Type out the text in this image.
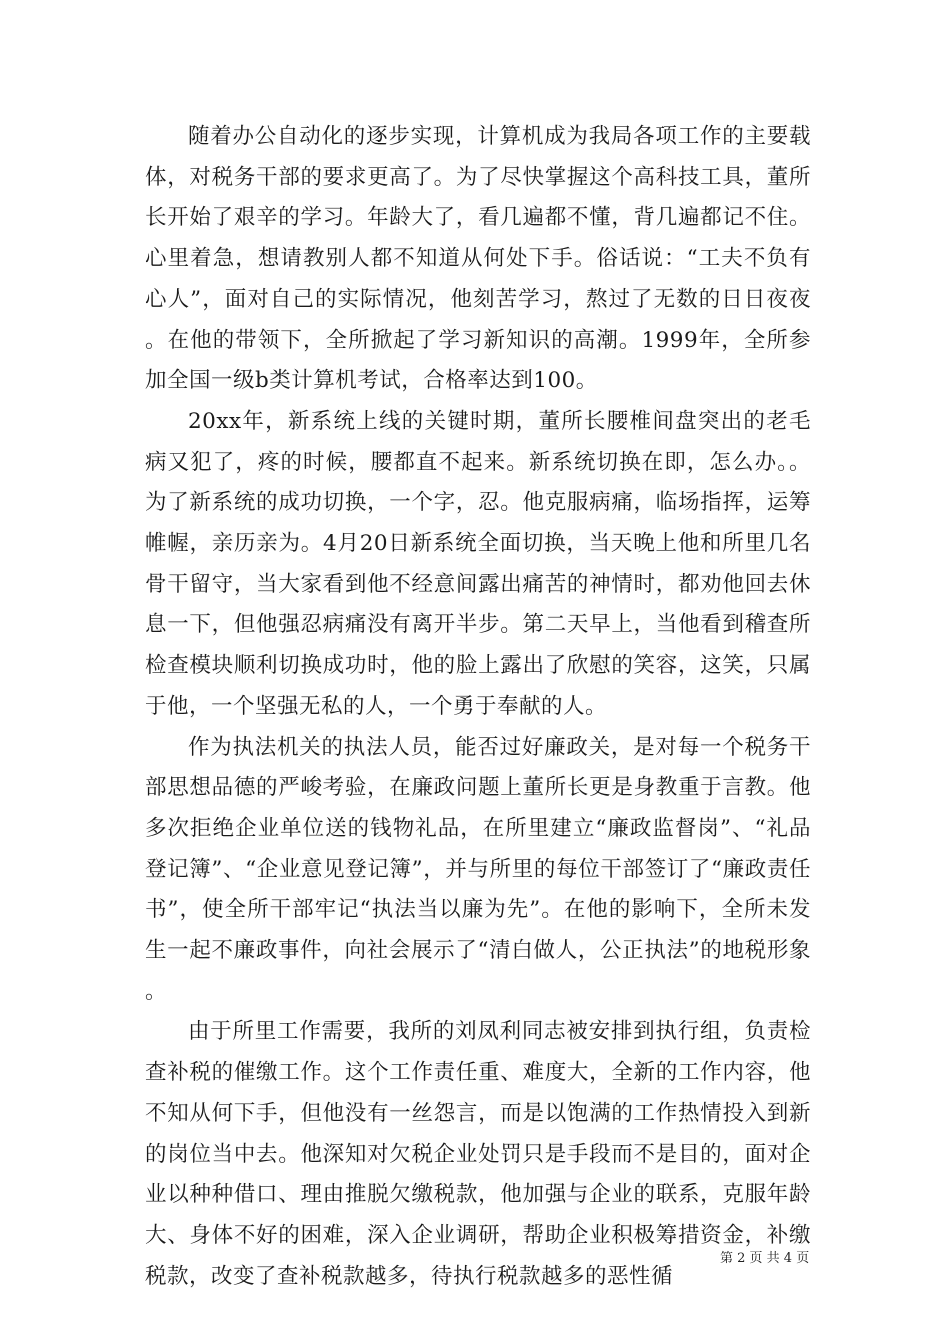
随着办公自动化的逐步实现，计算机成为我局各项工作的主要载体，对税务干部的要求更高了。为了尽快掌握这个高科技工具，董所长开始了艰辛的学习。年龄大了，看几遍都不懂，背几遍都记不住。心里着急，想请教别人都不知道从何处下手。俗话说：“工夫不负有心人”，面对自己的实际情况，他刻苦学习，熬过了无数的日日夜夜。在他的带领下，全所掀起了学习新知识的高潮。1999年，全所参加全国一级b类计算机考试，合格率达到100。

20xx年，新系统上线的关键时期，董所长腰椎间盘突出的老毛病又犯了，疼的时候，腰都直不起来。新系统切换在即，怎么办。。为了新系统的成功切换，一个字，忍。他克服病痛，临场指挥，运筹帷幄，亲历亲为。4月20日新系统全面切换，当天晚上他和所里几名骨干留守，当大家看到他不经意间露出痛苦的神情时，都劝他回去休息一下，但他强忍病痛没有离开半步。第二天早上，当他看到稽查所检查模块顺利切换成功时，他的脸上露出了欣慰的笑容，这笑，只属于他，一个坚强无私的人，一个勇于奉献的人。

作为执法机关的执法人员，能否过好廉政关，是对每一个税务干部思想品德的严峻考验，在廉政问题上董所长更是身教重于言教。他多次拒绝企业单位送的钱物礼品，在所里建立“廉政监督岗”、“礼品登记簿”、“企业意见登记簿”，并与所里的每位干部签订了“廉政责任书”，使全所干部牢记“执法当以廉为先”。在他的影响下，全所未发生一起不廉政事件，向社会展示了“清白做人，公正执法”的地税形象。

由于所里工作需要，我所的刘凤利同志被安排到执行组，负责检查补税的催缴工作。这个工作责任重、难度大，全新的工作内容，他不知从何下手，但他没有一丝怨言，而是以饱满的工作热情投入到新的岗位当中去。他深知对欠税企业处罚只是手段而不是目的，面对企业以种种借口、理由推脱欠缴税款，他加强与企业的联系，克服年龄大、身体不好的困难，深入企业调研，帮助企业积极筹措资金，补缴税款，改变了查补税款越多，待执行税款越多的恶性循

第 2 页 共 4 页
